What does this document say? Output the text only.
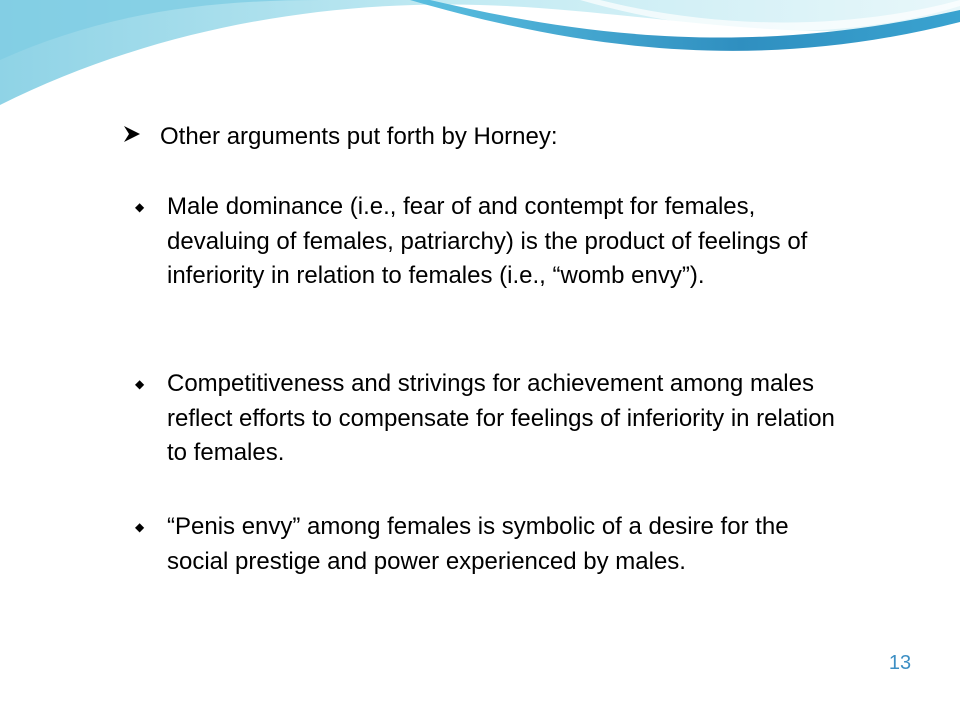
Other arguments put forth by Horney:
◆ Male dominance (i.e., fear of and contempt for females, devaluing of females, patriarchy) is the product of feelings of inferiority in relation to females (i.e., “womb envy”).
◆ Competitiveness and strivings for achievement among males reflect efforts to compensate for feelings of inferiority in relation to females.
◆ “Penis envy” among females is symbolic of a desire for the social prestige and power experienced by males.
13
